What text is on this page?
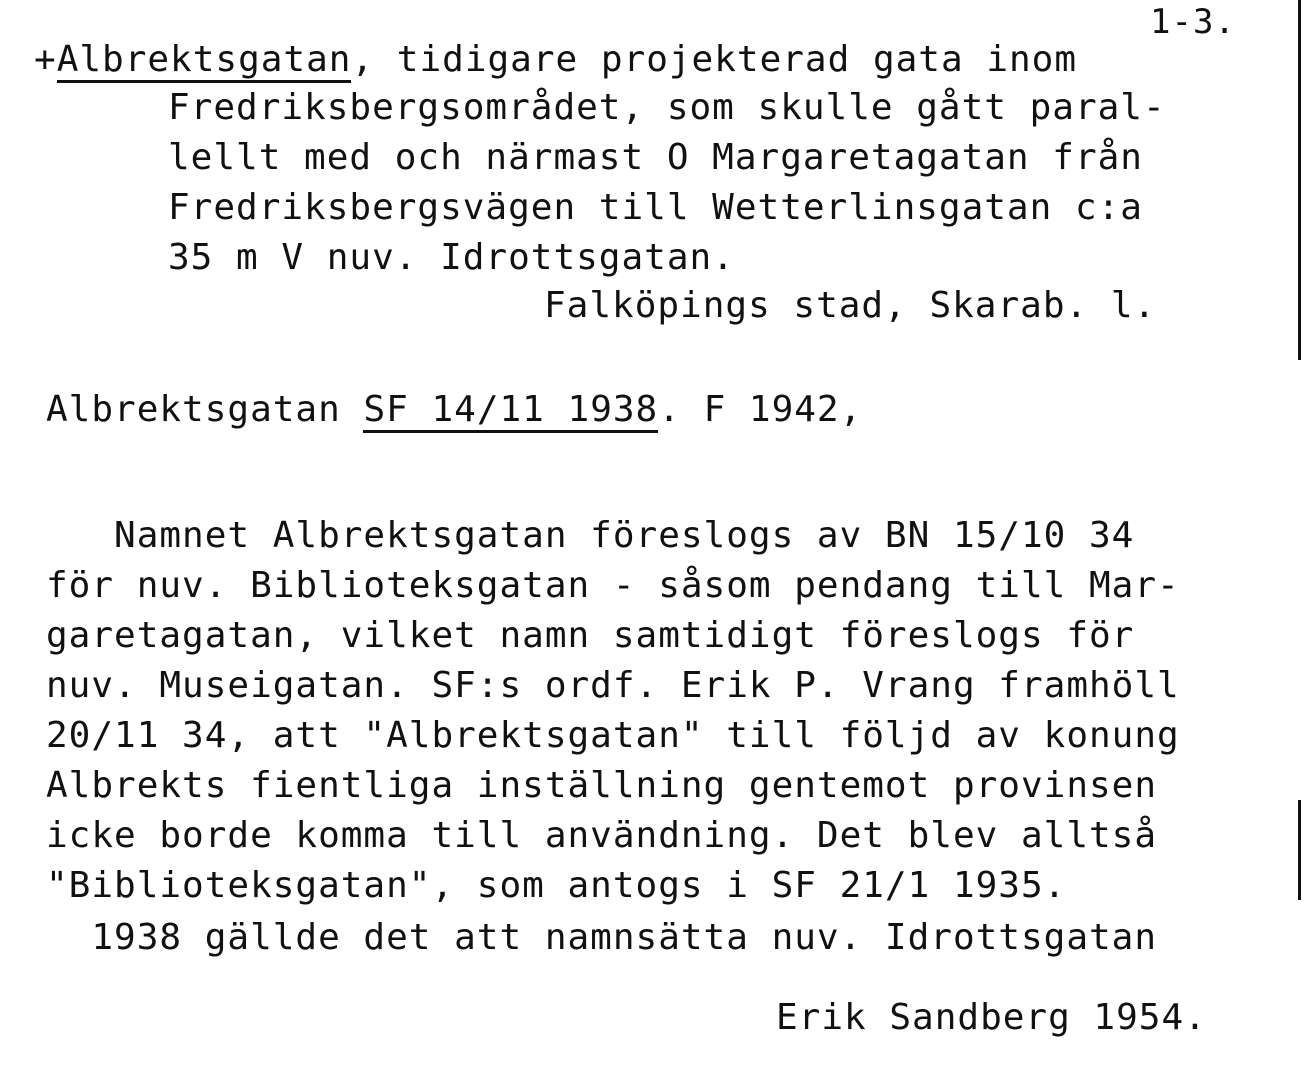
1-3.
+Albrektsgatan, tidigare projekterad gata inom
Fredriksbergsområdet, som skulle gått paral-
lellt med och närmast O Margaretagatan från
Fredriksbergsvägen till Wetterlinsgatan c:a
35 m V nuv. Idrottsgatan.
Falköpings stad, Skarab. l.
Albrektsgatan SF 14/11 1938. F 1942,
Namnet Albrektsgatan föreslogs av BN 15/10 34
för nuv. Biblioteksgatan - såsom pendang till Mar-
garetagatan, vilket namn samtidigt föreslogs för
nuv. Museigatan. SF:s ordf. Erik P. Vrang framhöll
20/11 34, att "Albrektsgatan" till följd av konung
Albrekts fientliga inställning gentemot provinsen
icke borde komma till användning. Det blev alltså
"Biblioteksgatan", som antogs i SF 21/1 1935.
1938 gällde det att namnsätta nuv. Idrottsgatan
Erik Sandberg 1954.
